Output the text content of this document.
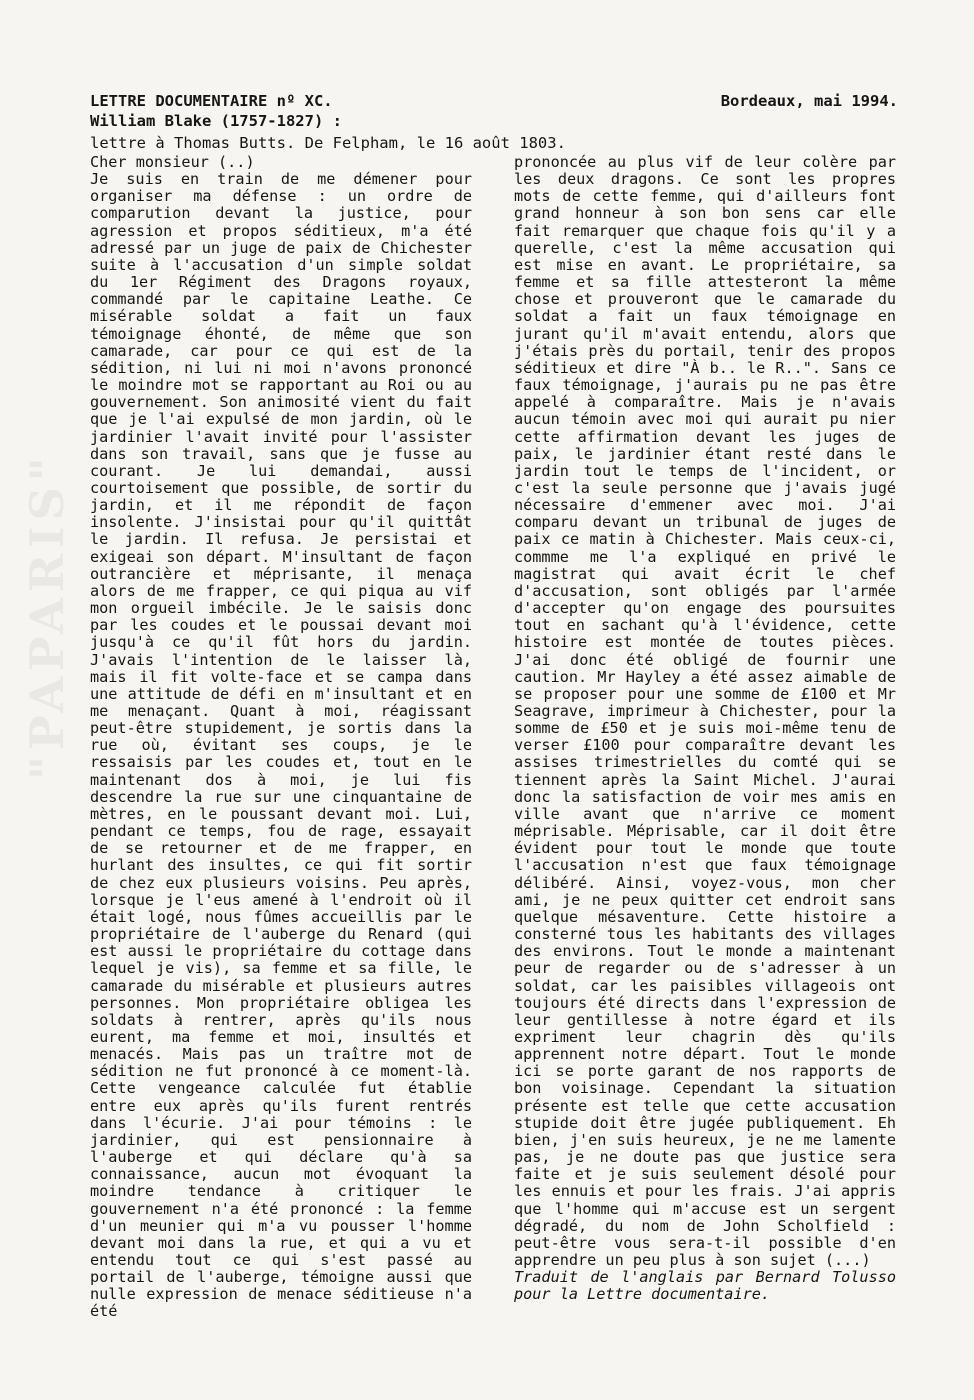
"PAPARIS"
LETTRE DOCUMENTAIRE nº XC.	Bordeaux, mai 1994.
William Blake (1757-1827) :
lettre à Thomas Butts. De Felpham, le 16 août 1803.

Cher monsieur (..)

Je suis en train de me démener pour organiser ma défense : un ordre de comparution devant la justice, pour agression et propos séditieux, m'a été adressé par un juge de paix de Chichester suite à l'accusation d'un simple soldat du 1er Régiment des Dragons royaux, commandé par le capitaine Leathe. Ce misérable soldat a fait un faux témoignage éhonté, de même que son camarade, car pour ce qui est de la sédition, ni lui ni moi n'avons prononcé le moindre mot se rapportant au Roi ou au gouvernement. Son animosité vient du fait que je l'ai expulsé de mon jardin, où le jardinier l'avait invité pour l'assister dans son travail, sans que je fusse au courant. Je lui demandai, aussi courtoisement que possible, de sortir du jardin, et il me répondit de façon insolente. J'insistai pour qu'il quittât le jardin. Il refusa. Je persistai et exigeai son départ. M'insultant de façon outrancière et méprisante, il menaça alors de me frapper, ce qui piqua au vif mon orgueil imbécile. Je le saisis donc par les coudes et le poussai devant moi jusqu'à ce qu'il fût hors du jardin. J'avais l'intention de le laisser là, mais il fit volte-face et se campa dans une attitude de défi en m'insultant et en me menaçant. Quant à moi, réagissant peut-être stupidement, je sortis dans la rue où, évitant ses coups, je le ressaisis par les coudes et, tout en le maintenant dos à moi, je lui fis descendre la rue sur une cinquantaine de mètres, en le poussant devant moi. Lui, pendant ce temps, fou de rage, essayait de se retourner et de me frapper, en hurlant des insultes, ce qui fit sortir de chez eux plusieurs voisins. Peu après, lorsque je l'eus amené à l'endroit où il était logé, nous fûmes accueillis par le propriétaire de l'auberge du Renard (qui est aussi le propriétaire du cottage dans lequel je vis), sa femme et sa fille, le camarade du misérable et plusieurs autres personnes. Mon propriétaire obligea les soldats à rentrer, après qu'ils nous eurent, ma femme et moi, insultés et menacés. Mais pas un traître mot de sédition ne fut prononcé à ce moment-là. Cette vengeance calculée fut établie entre eux après qu'ils furent rentrés dans l'écurie. J'ai pour témoins : le jardinier, qui est pensionnaire à l'auberge et qui déclare qu'à sa connaissance, aucun mot évoquant la moindre tendance à critiquer le gouvernement n'a été prononcé : la femme d'un meunier qui m'a vu pousser l'homme devant moi dans la rue, et qui a vu et entendu tout ce qui s'est passé au portail de l'auberge, témoigne aussi que nulle expression de menace séditieuse n'a été

prononcée au plus vif de leur colère par les deux dragons. Ce sont les propres mots de cette femme, qui d'ailleurs font grand honneur à son bon sens car elle fait remarquer que chaque fois qu'il y a querelle, c'est la même accusation qui est mise en avant. Le propriétaire, sa femme et sa fille attesteront la même chose et prouveront que le camarade du soldat a fait un faux témoignage en jurant qu'il m'avait entendu, alors que j'étais près du portail, tenir des propos séditieux et dire "À b.. le R..". Sans ce faux témoignage, j'aurais pu ne pas être appelé à comparaître. Mais je n'avais aucun témoin avec moi qui aurait pu nier cette affirmation devant les juges de paix, le jardinier étant resté dans le jardin tout le temps de l'incident, or c'est la seule personne que j'avais jugé nécessaire d'emmener avec moi. J'ai comparu devant un tribunal de juges de paix ce matin à Chichester. Mais ceux-ci, commme me l'a expliqué en privé le magistrat qui avait écrit le chef d'accusation, sont obligés par l'armée d'accepter qu'on engage des poursuites tout en sachant qu'à l'évidence, cette histoire est montée de toutes pièces. J'ai donc été obligé de fournir une caution. Mr Hayley a été assez aimable de se proposer pour une somme de £100 et Mr Seagrave, imprimeur à Chichester, pour la somme de £50 et je suis moi-même tenu de verser £100 pour comparaître devant les assises trimestrielles du comté qui se tiennent après la Saint Michel. J'aurai donc la satisfaction de voir mes amis en ville avant que n'arrive ce moment méprisable. Méprisable, car il doit être évident pour tout le monde que toute l'accusation n'est que faux témoignage délibéré. Ainsi, voyez-vous, mon cher ami, je ne peux quitter cet endroit sans quelque mésaventure. Cette histoire a consterné tous les habitants des villages des environs. Tout le monde a maintenant peur de regarder ou de s'adresser à un soldat, car les paisibles villageois ont toujours été directs dans l'expression de leur gentillesse à notre égard et ils expriment leur chagrin dès qu'ils apprennent notre départ. Tout le monde ici se porte garant de nos rapports de bon voisinage. Cependant la situation présente est telle que cette accusation stupide doit être jugée publiquement. Eh bien, j'en suis heureux, je ne me lamente pas, je ne doute pas que justice sera faite et je suis seulement désolé pour les ennuis et pour les frais. J'ai appris que l'homme qui m'accuse est un sergent dégradé, du nom de John Scholfield : peut-être vous sera-t-il possible d'en apprendre un peu plus à son sujet (...)

Traduit de l'anglais par Bernard Tolusso pour la Lettre documentaire.
